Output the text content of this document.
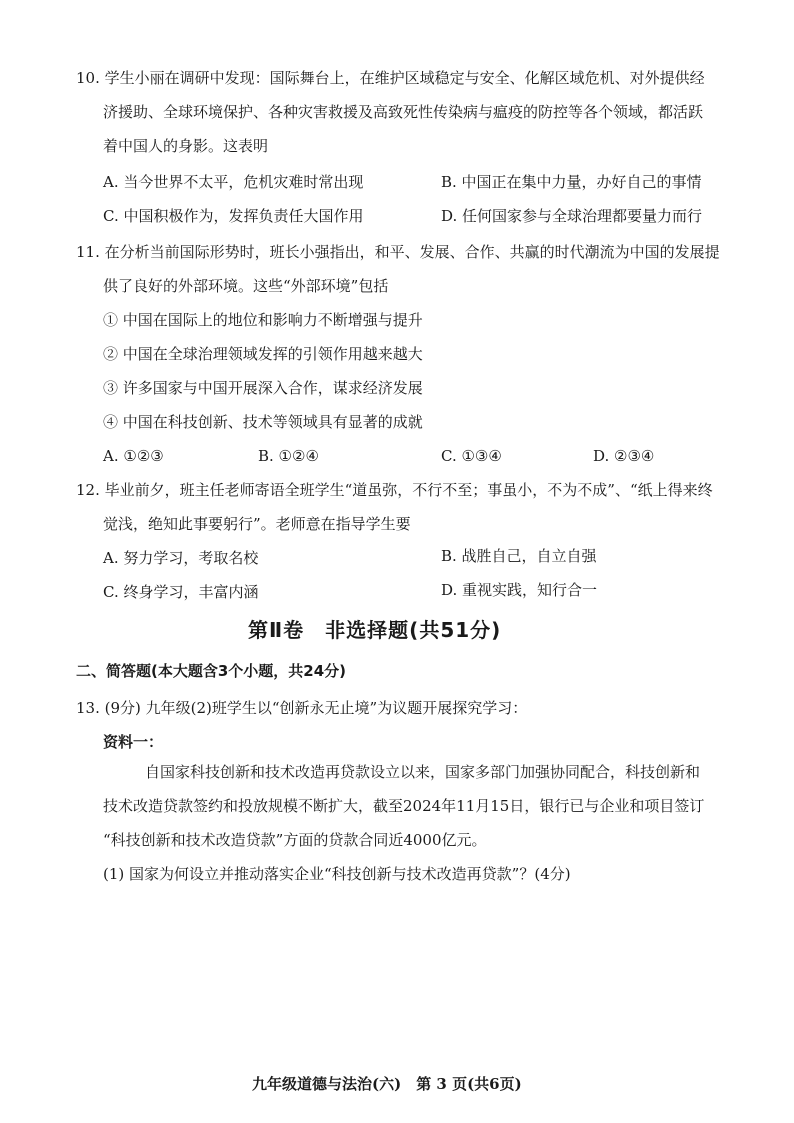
10. 学生小丽在调研中发现：国际舞台上，在维护区域稳定与安全、化解区域危机、对外提供经
济援助、全球环境保护、各种灾害救援及高致死性传染病与瘟疫的防控等各个领域，都活跃
着中国人的身影。这表明
A. 当今世界不太平，危机灾难时常出现	B. 中国正在集中力量，办好自己的事情
C. 中国积极作为，发挥负责任大国作用	D. 任何国家参与全球治理都要量力而行
11. 在分析当前国际形势时，班长小强指出，和平、发展、合作、共赢的时代潮流为中国的发展提
供了良好的外部环境。这些“外部环境”包括
① 中国在国际上的地位和影响力不断增强与提升
② 中国在全球治理领域发挥的引领作用越来越大
③ 许多国家与中国开展深入合作，谋求经济发展
④ 中国在科技创新、技术等领域具有显著的成就
A. ①②③	B. ①②④	C. ①③④	D. ②③④
12. 毕业前夕，班主任老师寄语全班学生“道虽弥，不行不至；事虽小，不为不成”、“纸上得来终
觉浅，绝知此事要躬行”。老师意在指导学生要
A. 努力学习，考取名校	B. 战胜自己，自立自强
C. 终身学习，丰富内涵	D. 重视实践，知行合一
第Ⅱ卷　非选择题(共51分)
二、简答题(本大题含3个小题，共24分)
13. (9分) 九年级(2)班学生以“创新永无止境”为议题开展探究学习：
资料一：
自国家科技创新和技术改造再贷款设立以来，国家多部门加强协同配合，科技创新和
技术改造贷款签约和投放规模不断扩大，截至2024年11月15日，银行已与企业和项目签订
“科技创新和技术改造贷款”方面的贷款合同近4000亿元。
(1) 国家为何设立并推动落实企业“科技创新与技术改造再贷款”？(4分)
九年级道德与法治(六)　第 3 页(共6页)
